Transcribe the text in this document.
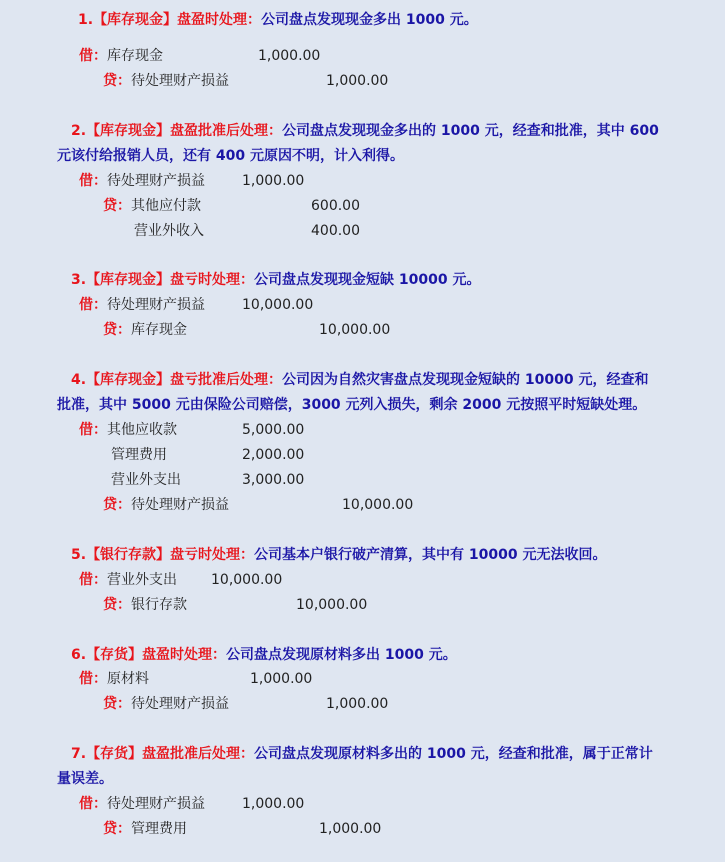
1.【库存现金】盘盈时处理：公司盘点发现现金多出 1000 元。
借：库存现金	1,000.00
贷：待处理财产损益	1,000.00
2.【库存现金】盘盈批准后处理：公司盘点发现现金多出的 1000 元，经查和批准，其中 600
元该付给报销人员，还有 400 元原因不明，计入利得。
借：待处理财产损益	1,000.00
贷：其他应付款	600.00
营业外收入	400.00
3.【库存现金】盘亏时处理：公司盘点发现现金短缺 10000 元。
借：待处理财产损益	10,000.00
贷：库存现金	10,000.00
4.【库存现金】盘亏批准后处理：公司因为自然灾害盘点发现现金短缺的 10000 元，经查和
批准，其中 5000 元由保险公司赔偿，3000 元列入损失，剩余 2000 元按照平时短缺处理。
借：其他应收款	5,000.00
管理费用	2,000.00
营业外支出	3,000.00
贷：待处理财产损益	10,000.00
5.【银行存款】盘亏时处理：公司基本户银行破产清算，其中有 10000 元无法收回。
借：营业外支出 10,000.00
贷：银行存款	10,000.00
6.【存货】盘盈时处理：公司盘点发现原材料多出 1000 元。
借：原材料	1,000.00
贷：待处理财产损益	1,000.00
7.【存货】盘盈批准后处理：公司盘点发现原材料多出的 1000 元，经查和批准，属于正常计
量误差。
借：待处理财产损益	1,000.00
贷：管理费用	1,000.00
